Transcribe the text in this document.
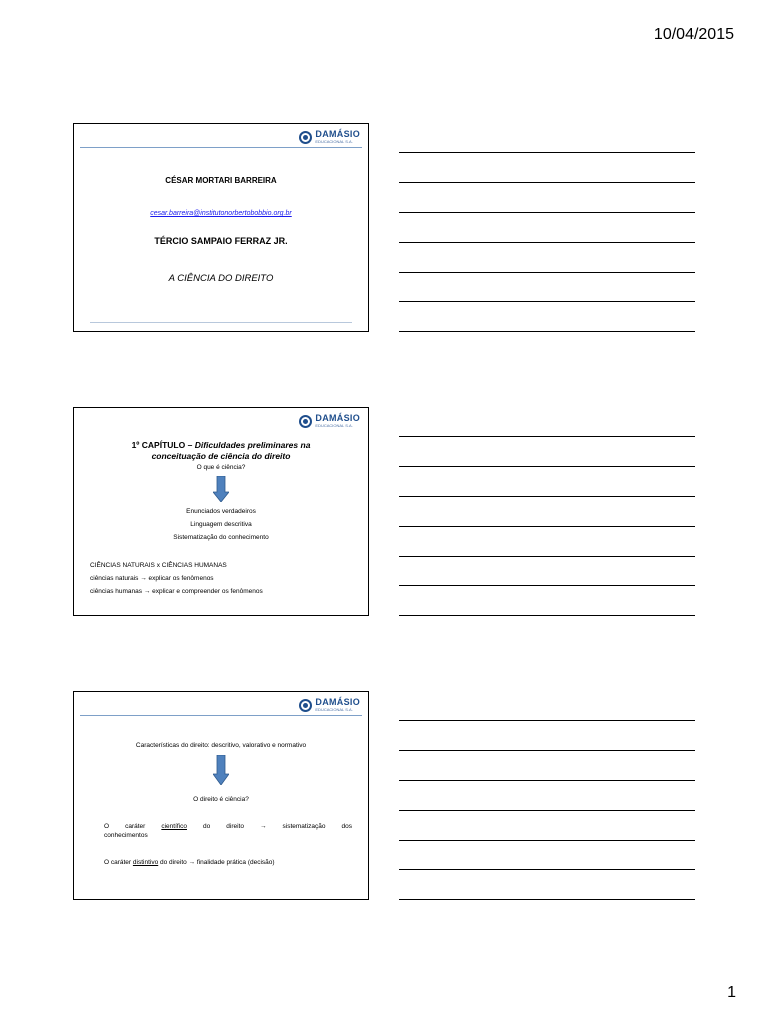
10/04/2015
DAMÁSIO
EDUCACIONAL S.A.
CÉSAR MORTARI BARREIRA
cesar.barreira@institutonorbertobobbio.org.br
TÉRCIO SAMPAIO FERRAZ JR.
A CIÊNCIA DO DIREITO
DAMÁSIO
EDUCACIONAL S.A.
1º CAPÍTULO – Dificuldades preliminares na
conceituação de ciência do direito
O que é ciência?
Enunciados verdadeiros
Linguagem descritiva
Sistematização do conhecimento
CIÊNCIAS NATURAIS x CIÊNCIAS HUMANAS
ciências naturais → explicar os fenômenos
ciências humanas → explicar e compreender os fenômenos
DAMÁSIO
EDUCACIONAL S.A.
Características do direito: descritivo, valorativo e normativo
O direito é ciência?
O caráter científico do direito → sistematização dos
conhecimentos
O caráter distintivo do direito → finalidade prática (decisão)
1
